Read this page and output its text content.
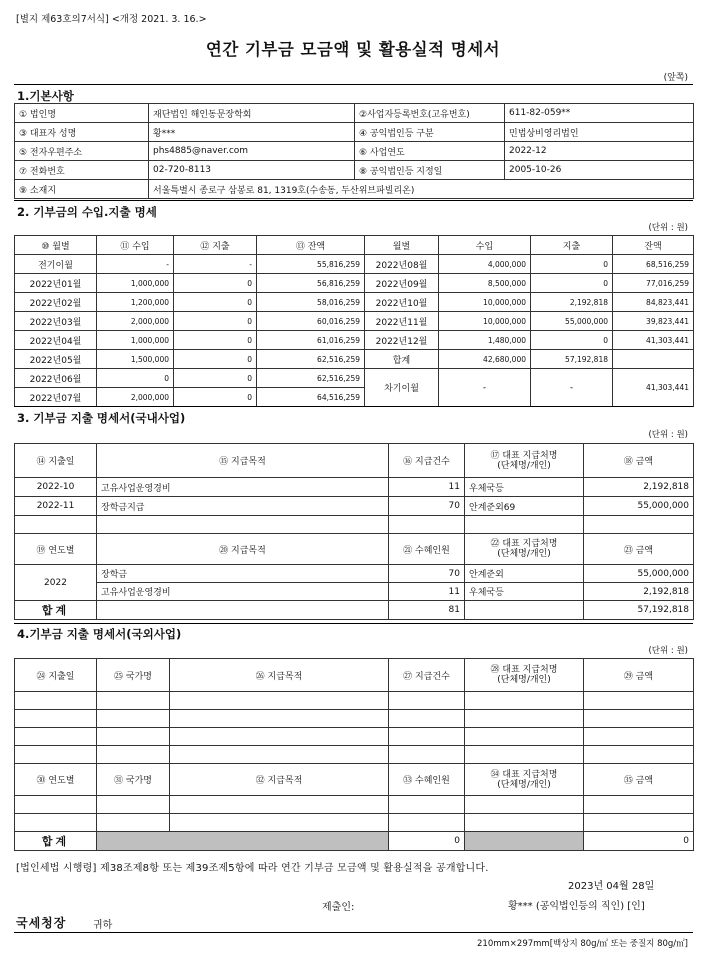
[별지 제63호의7서식] <개정 2021. 3. 16.>
연간 기부금 모금액 및 활용실적 명세서
(앞쪽)
1.기본사항
① 법인명	재단법인 해인동문장학회	②사업자등록번호(고유번호)	611-82-059**
③ 대표자 성명	황***	④ 공익법인등 구분	민법상비영리법인
⑤ 전자우편주소	phs4885@naver.com	⑥ 사업연도	2022-12
⑦ 전화번호	02-720-8113	⑧ 공익법인등 지정일	2005-10-26
⑨ 소재지	서울특별시 종로구 삼봉로 81, 1319호(수송동, 두산위브파빌리온)		
2. 기부금의 수입.지출 명세
(단위 : 원)
⑩ 월별	⑪ 수입	⑫ 지출	⑬ 잔액	월별	수입	지출	잔액
전기이월	-	-	55,816,259	2022년08월	4,000,000	0	68,516,259
2022년01월	1,000,000	0	56,816,259	2022년09월	8,500,000	0	77,016,259
2022년02월	1,200,000	0	58,016,259	2022년10월	10,000,000	2,192,818	84,823,441
2022년03월	2,000,000	0	60,016,259	2022년11월	10,000,000	55,000,000	39,823,441
2022년04월	1,000,000	0	61,016,259	2022년12월	1,480,000	0	41,303,441
2022년05월	1,500,000	0	62,516,259	합계	42,680,000	57,192,818	
2022년06월	0	0	62,516,259	차기이월	-	-	41,303,441
2022년07월	2,000,000	0	64,516,259				
3. 기부금 지출 명세서(국내사업)
(단위 : 원)
⑭ 지출일	⑮ 지급목적	⑯ 지급건수	⑰ 대표 지급처명
(단체명/개인)	⑱ 금액
2022-10	고유사업운영경비	11	우체국등	2,192,818
2022-11	장학금지급	70	안계준외69	55,000,000

⑲ 연도별	⑳ 지급목적	㉑ 수혜인원	㉒ 대표 지급처명
(단체명/개인)	㉓ 금액
2022	장학금	70	안계준외	55,000,000
	고유사업운영경비	11	우체국등	2,192,818
합계		81		57,192,818
4.기부금 지출 명세서(국외사업)
(단위 : 원)
㉔ 지출일	㉕ 국가명	㉖ 지급목적	㉗ 지급건수	㉘ 대표 지급처명
(단체명/개인)	㉙ 금액

㉚ 연도별	㉛ 국가명	㉜ 지급목적	㉝ 수혜인원	㉞ 대표 지급처명
(단체명/개인)	㉟ 금액

합계			0		0
[법인세법 시행령] 제38조제8항 또는 제39조제5항에 따라 연간 기부금 모금액 및 활용실적을 공개합니다.
2023년 04월 28일
제출인:	황*** (공익법인등의 직인) [인]
국세청장	귀하
210mm×297mm[백상지 80g/㎡ 또는 중질지 80g/㎡]
